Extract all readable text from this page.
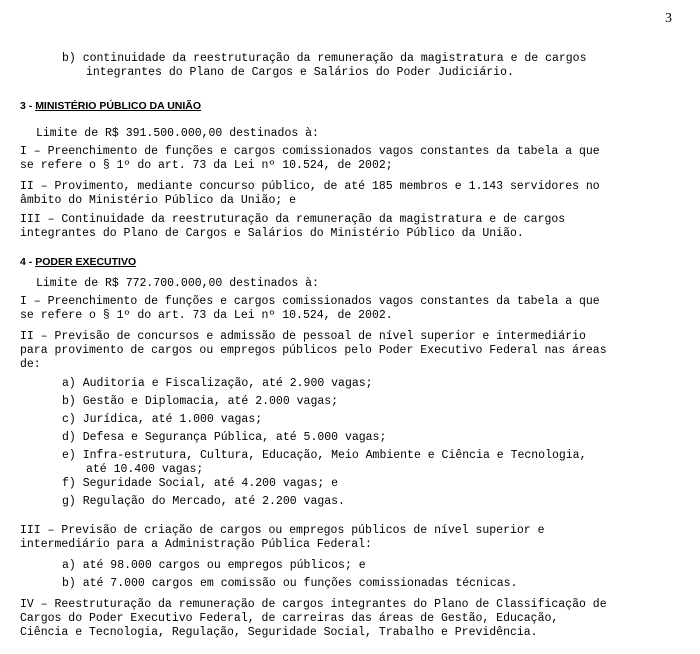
3
b) continuidade da reestruturação da remuneração da magistratura e de cargos
integrantes do Plano de Cargos e Salários do Poder Judiciário.
3 - MINISTÉRIO PÚBLICO DA UNIÃO
Limite de R$ 391.500.000,00 destinados à:
I – Preenchimento de funções e cargos comissionados vagos constantes da tabela a que
se refere o § 1º do art. 73 da Lei nº 10.524, de 2002;
II – Provimento, mediante concurso público, de até 185 membros e 1.143 servidores no
âmbito do Ministério Público da União; e
III – Continuidade da reestruturação da remuneração da magistratura e de cargos
integrantes do Plano de Cargos e Salários do Ministério Público da União.
4 - PODER EXECUTIVO
Limite de R$ 772.700.000,00 destinados à:
I – Preenchimento de funções e cargos comissionados vagos constantes da tabela a que
se refere o § 1º do art. 73 da Lei nº 10.524, de 2002.
II – Previsão de concursos e admissão de pessoal de nível superior e intermediário
para provimento de cargos ou empregos públicos pelo Poder Executivo Federal nas áreas
de:
a) Auditoria e Fiscalização, até 2.900 vagas;
b) Gestão e Diplomacia, até 2.000 vagas;
c) Jurídica, até 1.000 vagas;
d) Defesa e Segurança Pública, até 5.000 vagas;
e) Infra-estrutura, Cultura, Educação, Meio Ambiente e Ciência e Tecnologia,
até 10.400 vagas;
f) Seguridade Social, até 4.200 vagas; e
g) Regulação do Mercado, até 2.200 vagas.
III – Previsão de criação de cargos ou empregos públicos de nível superior e
intermediário para a Administração Pública Federal:
a) até 98.000 cargos ou empregos públicos; e
b) até 7.000 cargos em comissão ou funções comissionadas técnicas.
IV – Reestruturação da remuneração de cargos integrantes do Plano de Classificação de
Cargos do Poder Executivo Federal, de carreiras das áreas de Gestão, Educação,
Ciência e Tecnologia, Regulação, Seguridade Social, Trabalho e Previdência.
